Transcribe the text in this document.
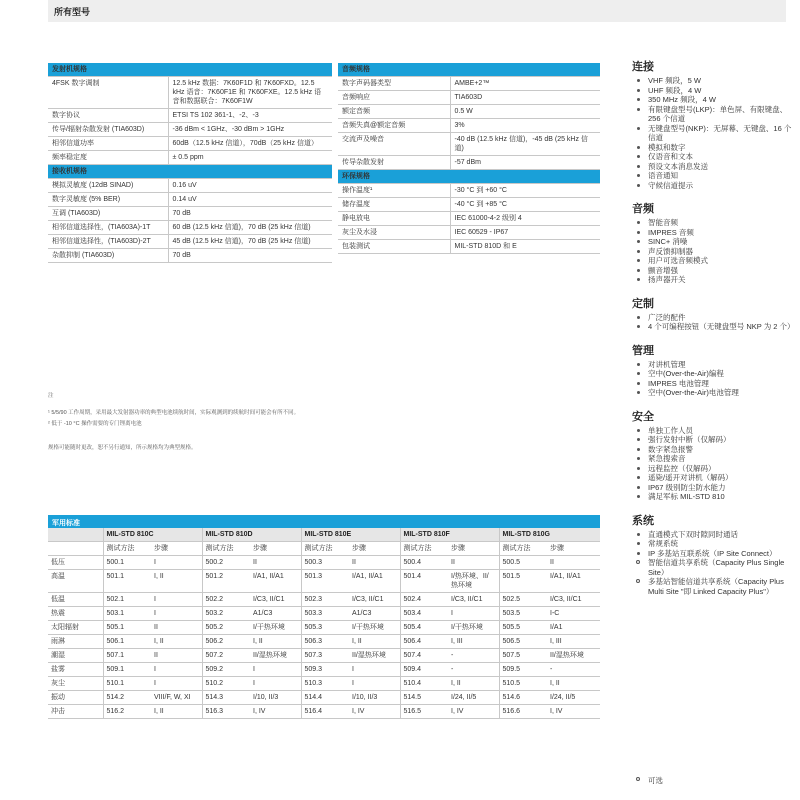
所有型号
发射机规格	
4FSK 数字调制	12.5 kHz 数据：7K60F1D 和 7K60FXD。12.5 kHz 语音：7K60F1E 和 7K60FXE。12.5 kHz 语音和数据联合：7K60F1W
数字协议	ETSI TS 102 361-1、-2、-3
传导/辐射杂散发射 (TIA603D)	-36 dBm < 1GHz、-30 dBm > 1GHz
相邻信道功率	60dB（12.5 kHz 信道），70dB（25 kHz 信道）
频率稳定度	± 0.5 ppm
接收机规格	
模拟灵敏度 (12dB SINAD)	0.16 uV
数字灵敏度 (5% BER)	0.14 uV
互调 (TIA603D)	70 dB
相邻信道选择性，(TIA603A)-1T	60 dB (12.5 kHz 信道)，70 dB (25 kHz 信道)
相邻信道选择性，(TIA603D)-2T	45 dB (12.5 kHz 信道)，70 dB (25 kHz 信道)
杂散抑制 (TIA603D)	70 dB
音频规格	
数字声码器类型	AMBE+2™
音频响应	TIA603D
额定音频	0.5 W
音频失真@额定音频	3%
交流声及噪音	-40 dB (12.5 kHz 信道)，-45 dB (25 kHz 信道)
传导杂散发射	-57 dBm
环保规格	
操作温度¹	-30 °C 到 +60 °C
储存温度	-40 °C 到 +85 °C
静电放电	IEC 61000-4-2 级别 4
灰尘及水浸	IEC 60529 - IP67
包装测试	MIL-STD 810D 和 E
注
¹ 5/5/90 工作周期，采用最大发射器功率的典型电池续航时间，实际观测到的续航时间可能会有所不同。
² 低于 -10 °C 操作需要的专门锂离电池
规格可能随时更改，恕不另行通知，所示规格均为典型规格。
军用标准
	MIL-STD 810C		MIL-STD 810D		MIL-STD 810E		MIL-STD 810F		MIL-STD 810G	
	测试方法	步骤	测试方法	步骤	测试方法	步骤	测试方法	步骤	测试方法	步骤
低压	500.1	I	500.2	II	500.3	II	500.4	II	500.5	II
高温	501.1	I, II	501.2	I/A1, II/A1	501.3	I/A1, II/A1	501.4	I/热环境、II/热环境	501.5	I/A1, II/A1
低温	502.1	I	502.2	I/C3, II/C1	502.3	I/C3, II/C1	502.4	I/C3, II/C1	502.5	I/C3, II/C1
热震	503.1	I	503.2	A1/C3	503.3	A1/C3	503.4	I	503.5	I-C
太阳辐射	505.1	II	505.2	I/干热环境	505.3	I/干热环境	505.4	I/干热环境	505.5	I/A1
雨淋	506.1	I, II	506.2	I, II	506.3	I, II	506.4	I, III	506.5	I, III
潮湿	507.1	II	507.2	II/湿热环境	507.3	II/湿热环境	507.4	-	507.5	II/湿热环境
盐雾	509.1	I	509.2	I	509.3	I	509.4	-	509.5	-
灰尘	510.1	I	510.2	I	510.3	I	510.4	I, II	510.5	I, II
振动	514.2	VIII/F, W, XI	514.3	I/10, II/3	514.4	I/10, II/3	514.5	I/24, II/5	514.6	I/24, II/5
冲击	516.2	I, II	516.3	I, IV	516.4	I, IV	516.5	I, IV	516.6	I, IV
连接
VHF 频段，5 W
UHF 频段，4 W
350 MHz 频段，4 W
有限键盘型号(LKP)：单色屏、有限键盘、256 个信道
无键盘型号(NKP)：无屏幕、无键盘、16 个信道
模拟和数字
仅语音和文本
预设文本消息发送
语音通知
守候信道提示
音频
智能音频
IMPRES 音频
SINC+ 消噪
声反馈抑制器
用户可选音频模式
颤音增强
扬声器开关
定制
广泛的配件
4 个可编程按钮（无键盘型号 NKP 为 2 个）
管理
对讲机管理
空中(Over-the-Air)编程
IMPRES 电池管理
空中(Over-the-Air)电池管理
安全
单独工作人员
强行发射中断（仅解码）
数字紧急报警
紧急搜索音
远程监控（仅解码）
遥毙/遥开对讲机（解码）
IP67 级别防尘防水能力
满足军标 MIL-STD 810
系统
直通模式下双时隙同时通话
常规系统
IP 多基站互联系统（IP Site Connect）
智能信道共享系统（Capacity Plus Single Site）
多基站智能信道共享系统（Capacity Plus Multi Site "即 Linked Capacity Plus"）
可选
